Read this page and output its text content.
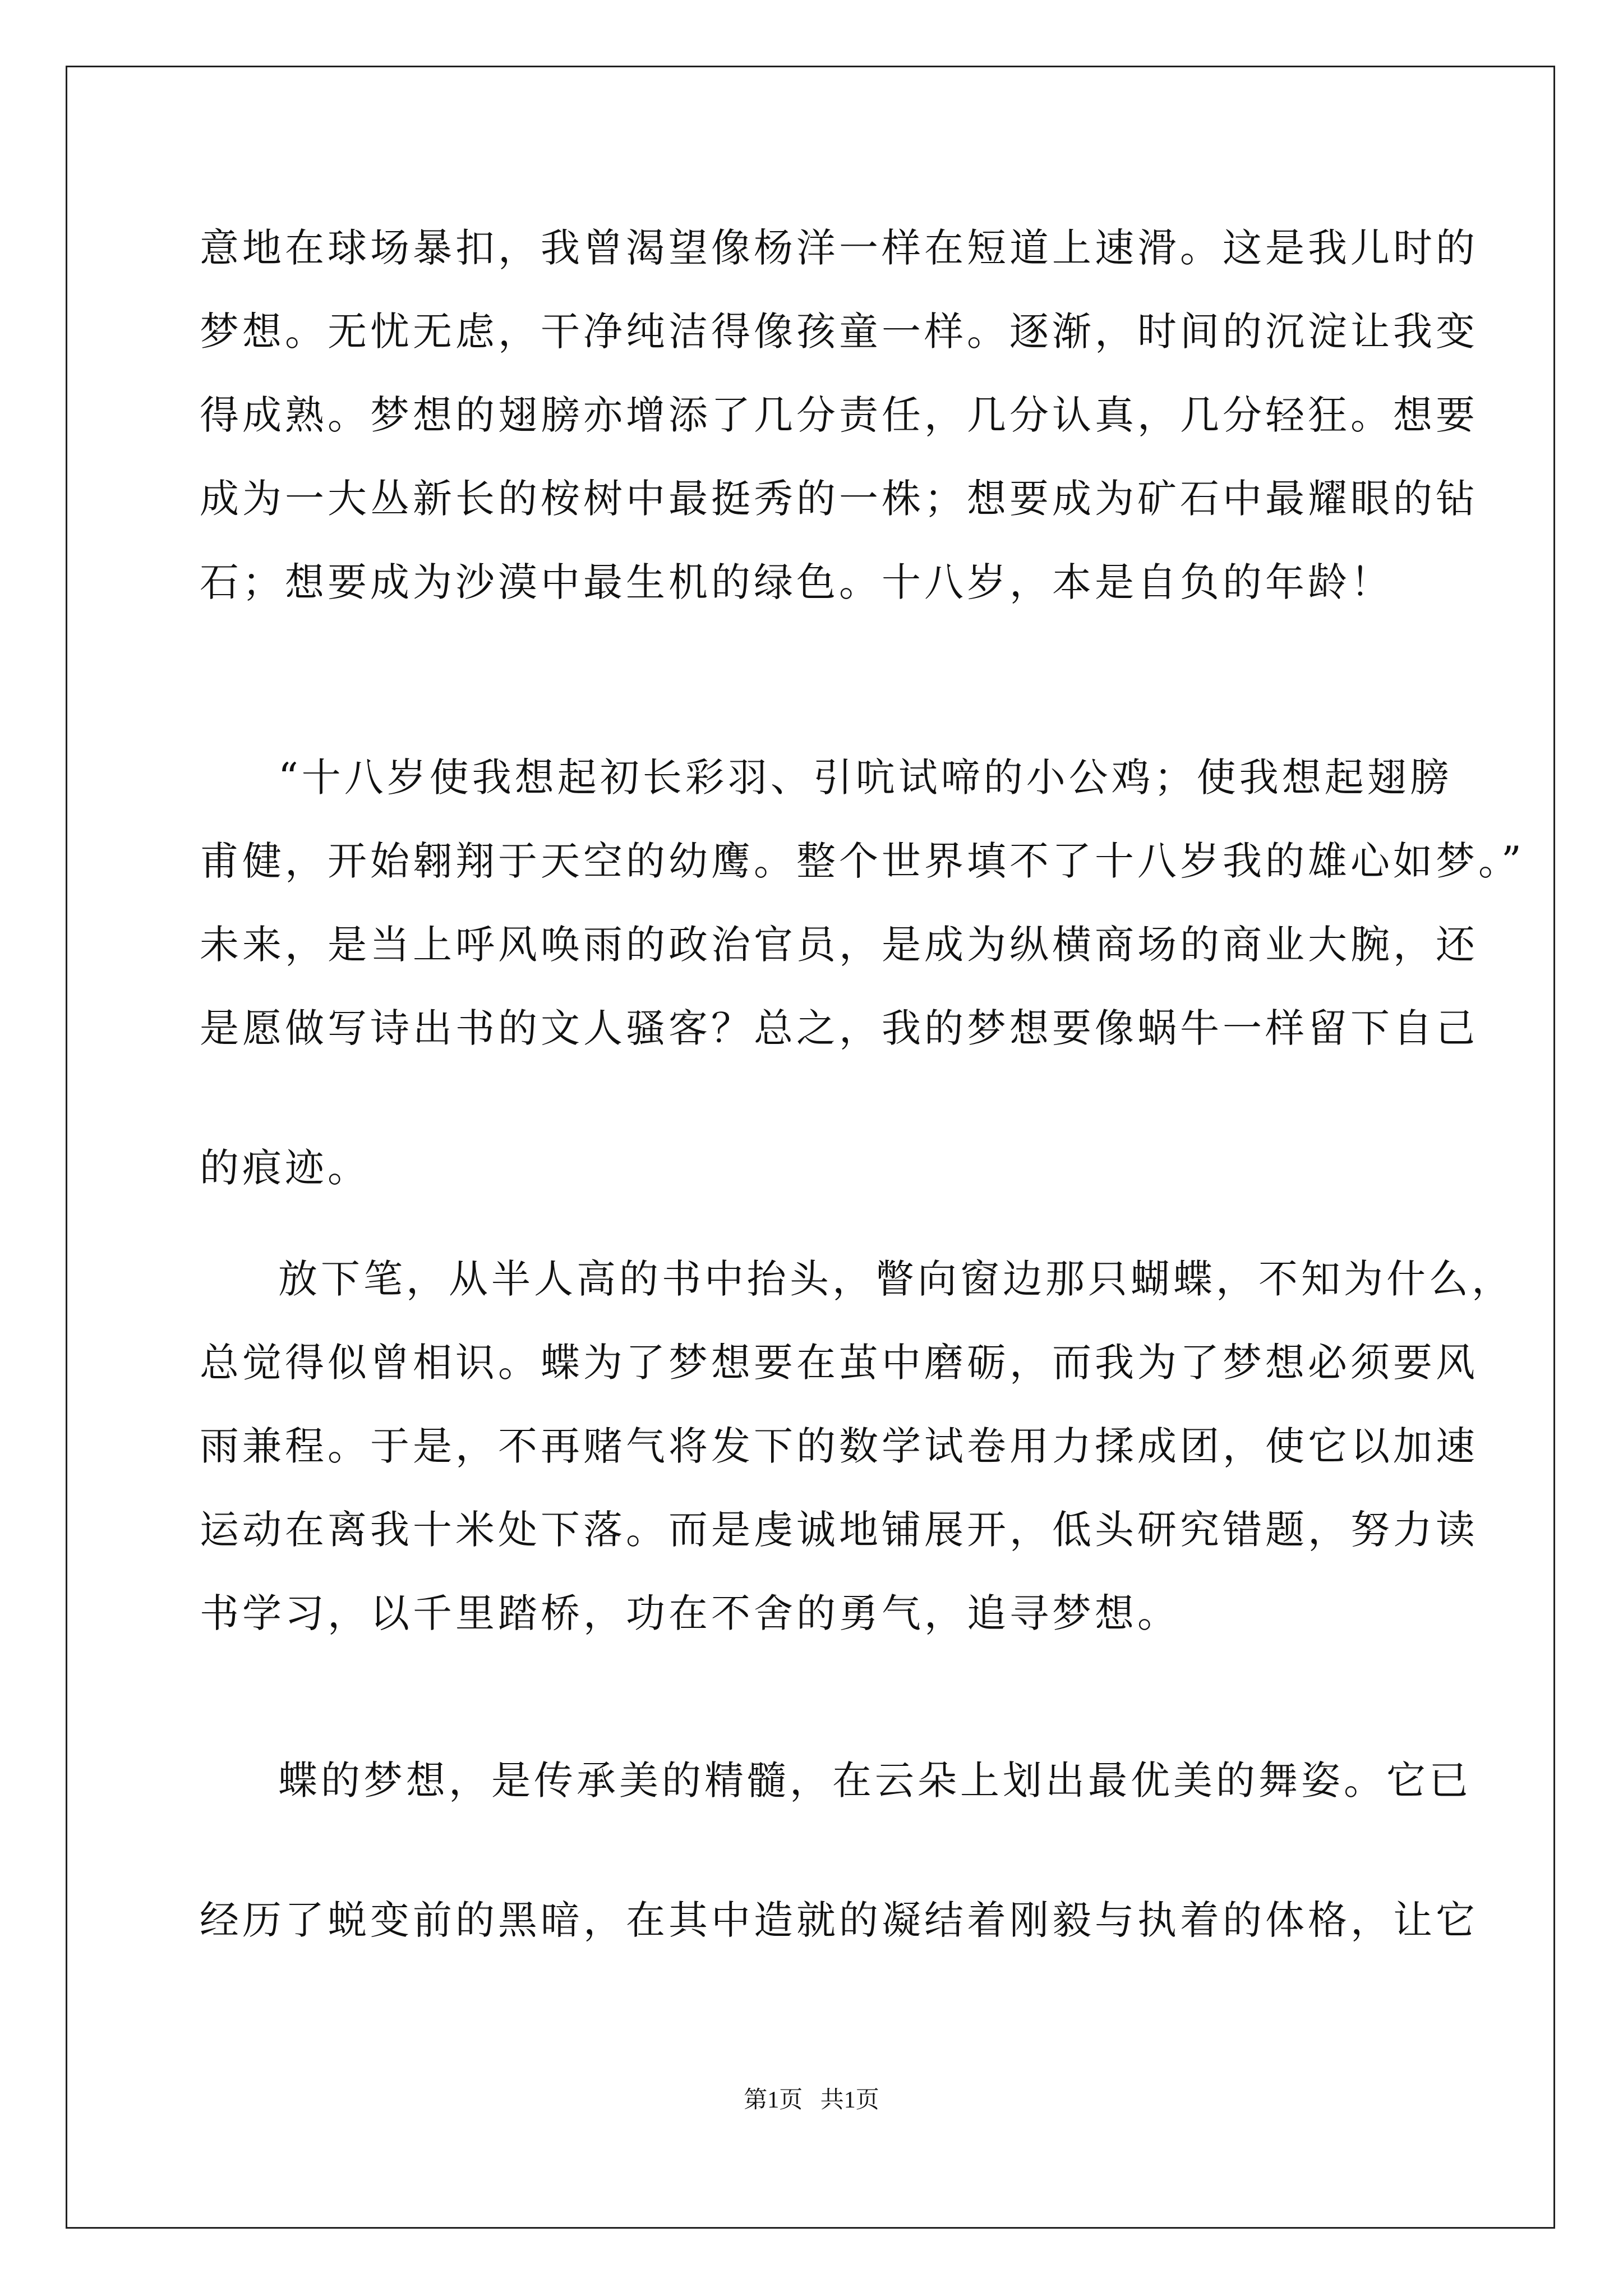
意地在球场暴扣，我曾渴望像杨洋一样在短道上速滑。这是我儿时的
梦想。无忧无虑，干净纯洁得像孩童一样。逐渐，时间的沉淀让我变
得成熟。梦想的翅膀亦增添了几分责任，几分认真，几分轻狂。想要
成为一大丛新长的桉树中最挺秀的一株；想要成为矿石中最耀眼的钻
石；想要成为沙漠中最生机的绿色。十八岁，本是自负的年龄！
“十八岁使我想起初长彩羽、引吭试啼的小公鸡；使我想起翅膀
甫健，开始翱翔于天空的幼鹰。整个世界填不了十八岁我的雄心如梦。”
未来，是当上呼风唤雨的政治官员，是成为纵横商场的商业大腕，还
是愿做写诗出书的文人骚客？总之，我的梦想要像蜗牛一样留下自己
的痕迹。
放下笔，从半人高的书中抬头，瞥向窗边那只蝴蝶，不知为什么，
总觉得似曾相识。蝶为了梦想要在茧中磨砺，而我为了梦想必须要风
雨兼程。于是，不再赌气将发下的数学试卷用力揉成团，使它以加速
运动在离我十米处下落。而是虔诚地铺展开，低头研究错题，努力读
书学习，以千里踏桥，功在不舍的勇气，追寻梦想。
蝶的梦想，是传承美的精髓，在云朵上划出最优美的舞姿。它已
经历了蜕变前的黑暗，在其中造就的凝结着刚毅与执着的体格，让它
第1页   共1页
